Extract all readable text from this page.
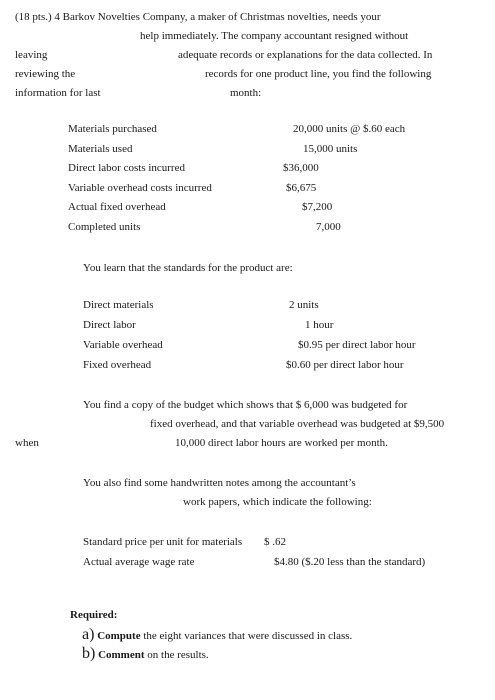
(18 pts.) 4 Barkov Novelties Company, a maker of Christmas novelties, needs your
help immediately. The company accountant resigned without
leaving	adequate records or explanations for the data collected. In
reviewing the	records for one product line, you find the following
information for last	month:
Materials purchased	20,000 units @ $.60 each
Materials used	15,000 units
Direct labor costs incurred	$36,000
Variable overhead costs incurred	$6,675
Actual fixed overhead	$7,200
Completed units	7,000
You learn that the standards for the product are:
Direct materials	2 units
Direct labor	1 hour
Variable overhead	$0.95 per direct labor hour
Fixed overhead	$0.60 per direct labor hour
You find a copy of the budget which shows that $ 6,000 was budgeted for
fixed overhead, and that variable overhead was budgeted at $9,500
when	10,000 direct labor hours are worked per month.
You also find some handwritten notes among the accountant’s
work papers, which indicate the following:
Standard price per unit for materials $ .62
Actual average wage rate	$4.80 ($.20 less than the standard)
Required:
a) Compute the eight variances that were discussed in class.
b) Comment on the results.
